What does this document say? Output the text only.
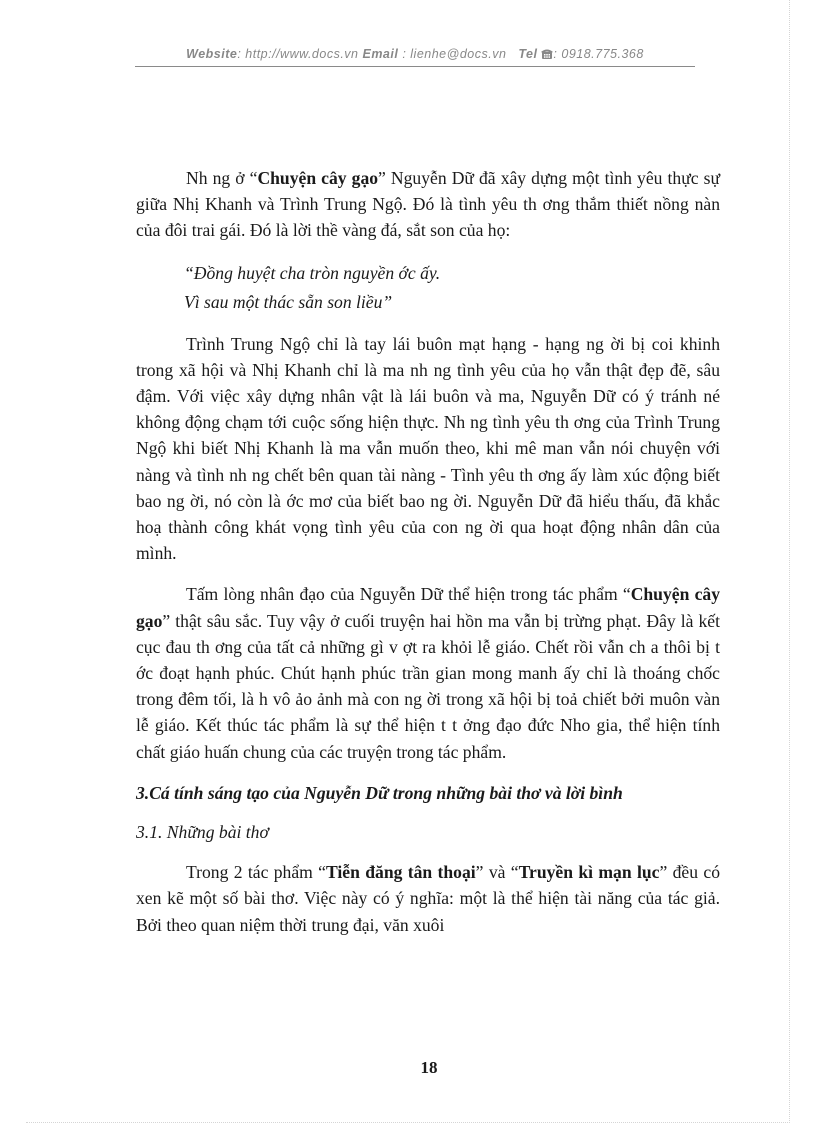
Website: http://www.docs.vn Email : lienhe@docs.vn   Tel : 0918.775.368

Nh ng ở “Chuyện cây gạo” Nguyễn Dữ đã xây dựng một tình yêu thực sự giữa Nhị Khanh và Trình Trung Ngộ. Đó là tình yêu th ơng thắm thiết nồng nàn của đôi trai gái. Đó là lời thề vàng đá, sắt son của họ:

“Đồng huyệt cha tròn nguyền ớc ấy.
Vì sau một thác sẵn son liều”

Trình Trung Ngộ chỉ là tay lái buôn mạt hạng - hạng ng ời bị coi khinh trong xã hội và Nhị Khanh chỉ là ma nh ng tình yêu của họ vẫn thật đẹp đẽ, sâu đậm. Với việc xây dựng nhân vật là lái buôn và ma, Nguyễn Dữ có ý tránh né không động chạm tới cuộc sống hiện thực. Nh ng tình yêu th ơng của Trình Trung Ngộ khi biết Nhị Khanh là ma vẫn muốn theo, khi mê man vẫn nói chuyện với nàng và tình nh ng chết bên quan tài nàng - Tình yêu th ơng ấy làm xúc động biết bao ng ời, nó còn là ớc mơ của biết bao ng ời. Nguyễn Dữ đã hiểu thấu, đã khắc hoạ thành công khát vọng tình yêu của con ng ời qua hoạt động nhân dân của mình.

Tấm lòng nhân đạo của Nguyễn Dữ thể hiện trong tác phẩm “Chuyện cây gạo” thật sâu sắc. Tuy vậy ở cuối truyện hai hồn ma vẫn bị trừng phạt. Đây là kết cục đau th ơng của tất cả những gì v ợt ra khỏi lễ giáo. Chết rồi vẫn ch a thôi bị t ớc đoạt hạnh phúc. Chút hạnh phúc trần gian mong manh ấy chỉ là thoáng chốc trong đêm tối, là h vô ảo ảnh mà con ng ời trong xã hội bị toả chiết bởi muôn vàn lễ giáo. Kết thúc tác phẩm là sự thể hiện t t ởng đạo đức Nho gia, thể hiện tính chất giáo huấn chung của các truyện trong tác phẩm.

3.Cá tính sáng tạo của Nguyễn Dữ trong những bài thơ và lời bình
3.1. Những bài thơ

Trong 2 tác phẩm “Tiễn đăng tân thoại” và “Truyền kì mạn lục” đều có xen kẽ một số bài thơ. Việc này có ý nghĩa: một là thể hiện tài năng của tác giả. Bởi theo quan niệm thời trung đại, văn xuôi

18
